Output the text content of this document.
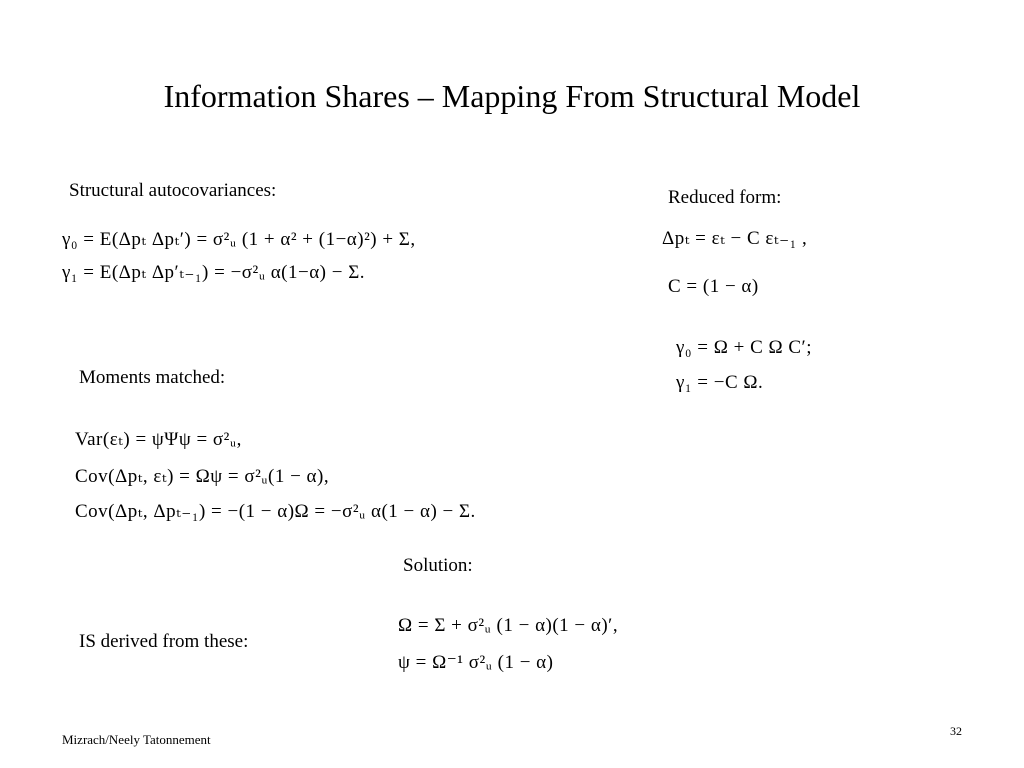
Information Shares – Mapping From Structural Model
Structural autocovariances:
γ₀ = E(Δpₜ Δpₜ′) = σ²ᵤ (1 + α² + (1−α)²) + Σ,
γ₁ = E(Δpₜ Δp′ₜ₋₁) = −σ²ᵤ α(1−α) − Σ.
Reduced form:
Δpₜ = εₜ − C εₜ₋₁ ,
C = (1 − α)
γ₀ = Ω + C Ω C′;
γ₁ = −C Ω.
Moments matched:
Var(εₜ) = ψΨψ = σ²ᵤ,
Cov(Δpₜ, εₜ) = Ωψ = σ²ᵤ(1 − α),
Cov(Δpₜ, Δpₜ₋₁) = −(1 − α)Ω = −σ²ᵤ α(1 − α) − Σ.
Solution:
Ω = Σ + σ²ᵤ (1 − α)(1 − α)′,
ψ = Ω⁻¹ σ²ᵤ (1 − α)
IS derived from these:
Mizrach/Neely Tatonnement
32
